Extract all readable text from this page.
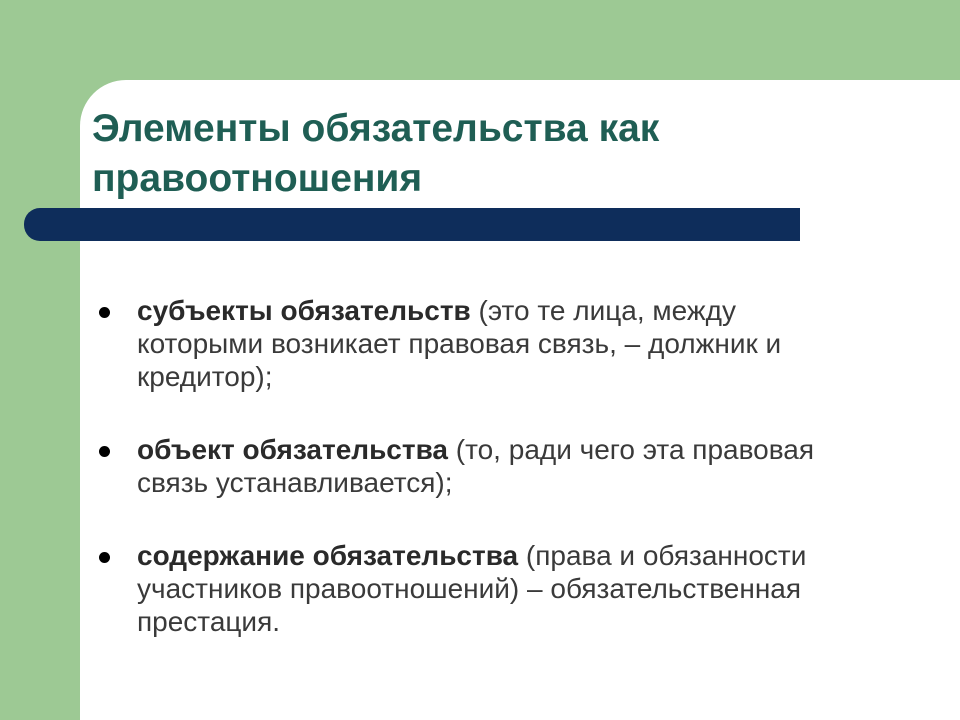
Элементы обязательства как правоотношения
субъекты обязательств (это те лица, между которыми возникает правовая связь, – должник и кредитор);
объект обязательства (то, ради чего эта правовая связь устанавливается);
содержание обязательства (права и обязанности участников правоотношений) – обязательственная престация.
